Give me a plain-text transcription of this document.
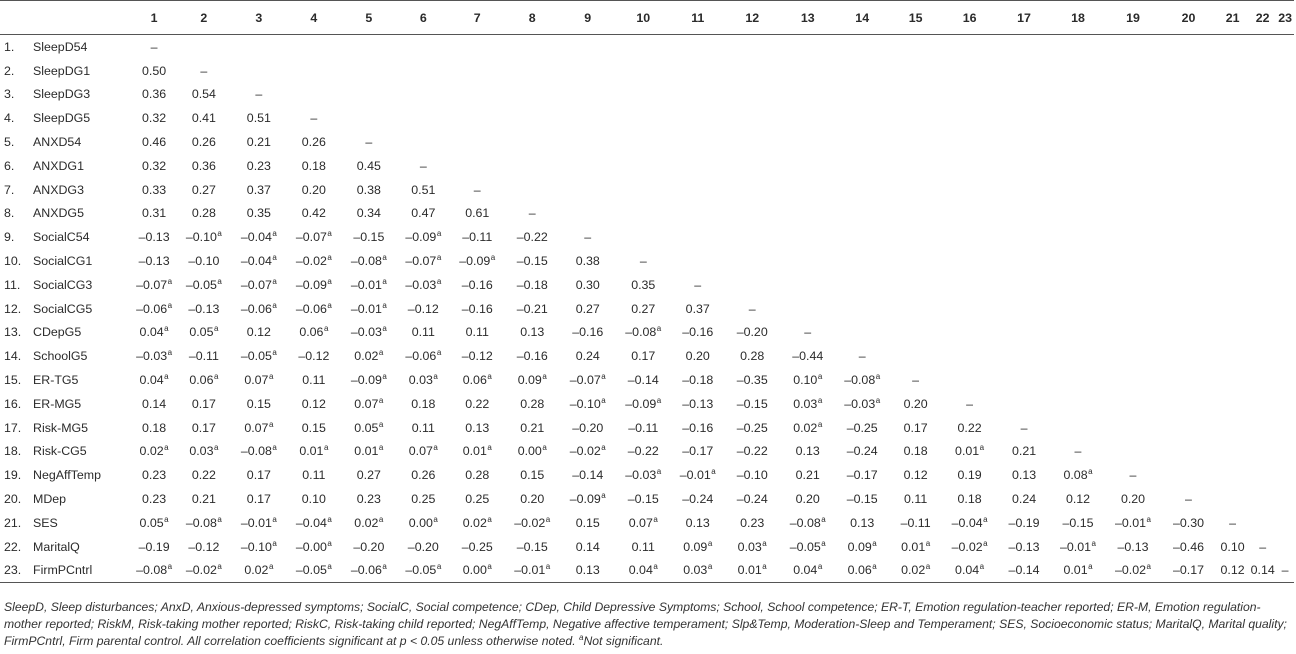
	1	2	3	4	5	6	7	8	9	10	11	12	13	14	15	16	17	18	19	20	21	22	23
1. SleepD54	–																						
2. SleepDG1	0.50	–																					
3. SleepDG3	0.36	0.54	–																				
4. SleepDG5	0.32	0.41	0.51	–																			
5. ANXD54	0.46	0.26	0.21	0.26	–																		
6. ANXDG1	0.32	0.36	0.23	0.18	0.45	–																	
7. ANXDG3	0.33	0.27	0.37	0.20	0.38	0.51	–																
8. ANXDG5	0.31	0.28	0.35	0.42	0.34	0.47	0.61	–															
9. SocialC54	–0.13	–0.10$^a$	–0.04$^a$	–0.07$^a$	–0.15	–0.09$^a$	–0.11	–0.22	–														
10. SocialCG1	–0.13	–0.10	–0.04$^a$	–0.02$^a$	–0.08$^a$	–0.07$^a$	–0.09$^a$	–0.15	0.38	–													
11. SocialCG3	–0.07$^a$	–0.05$^a$	–0.07$^a$	–0.09$^a$	–0.01$^a$	–0.03$^a$	–0.16	–0.18	0.30	0.35	–												
12. SocialCG5	–0.06$^a$	–0.13	–0.06$^a$	–0.06$^a$	–0.01$^a$	–0.12	–0.16	–0.21	0.27	0.27	0.37	–											
13. CDepG5	0.04$^a$	0.05$^a$	0.12	0.06$^a$	–0.03$^a$	0.11	0.11	0.13	–0.16	–0.08$^a$	–0.16	–0.20	–										
14. SchoolG5	–0.03$^a$	–0.11	–0.05$^a$	–0.12	0.02$^a$	–0.06$^a$	–0.12	–0.16	0.24	0.17	0.20	0.28	–0.44	–									
15. ER-TG5	0.04$^a$	0.06$^a$	0.07$^a$	0.11	–0.09$^a$	0.03$^a$	0.06$^a$	0.09$^a$	–0.07$^a$	–0.14	–0.18	–0.35	0.10$^a$	–0.08$^a$	–								
16. ER-MG5	0.14	0.17	0.15	0.12	0.07$^a$	0.18	0.22	0.28	–0.10$^a$	–0.09$^a$	–0.13	–0.15	0.03$^a$	–0.03$^a$	0.20	–							
17. Risk-MG5	0.18	0.17	0.07$^a$	0.15	0.05$^a$	0.11	0.13	0.21	–0.20	–0.11	–0.16	–0.25	0.02$^a$	–0.25	0.17	0.22	–						
18. Risk-CG5	0.02$^a$	0.03$^a$	–0.08$^a$	0.01$^a$	0.01$^a$	0.07$^a$	0.01$^a$	0.00$^a$	–0.02$^a$	–0.22	–0.17	–0.22	0.13	–0.24	0.18	0.01$^a$	0.21	–					
19. NegAffTemp	0.23	0.22	0.17	0.11	0.27	0.26	0.28	0.15	–0.14	–0.03$^a$	–0.01$^a$	–0.10	0.21	–0.17	0.12	0.19	0.13	0.08$^a$	–				
20. MDep	0.23	0.21	0.17	0.10	0.23	0.25	0.25	0.20	–0.09$^a$	–0.15	–0.24	–0.24	0.20	–0.15	0.11	0.18	0.24	0.12	0.20	–			
21. SES	0.05$^a$	–0.08$^a$	–0.01$^a$	–0.04$^a$	0.02$^a$	0.00$^a$	0.02$^a$	–0.02$^a$	0.15	0.07$^a$	0.13	0.23	–0.08$^a$	0.13	–0.11	–0.04$^a$	–0.19	–0.15	–0.01$^a$	–0.30	–		
22. MaritalQ	–0.19	–0.12	–0.10$^a$	–0.00$^a$	–0.20	–0.20	–0.25	–0.15	0.14	0.11	0.09$^a$	0.03$^a$	–0.05$^a$	0.09$^a$	0.01$^a$	–0.02$^a$	–0.13	–0.01$^a$	–0.13	–0.46	0.10	–	
23. FirmPCntrl	–0.08$^a$	–0.02$^a$	0.02$^a$	–0.05$^a$	–0.06$^a$	–0.05$^a$	0.00$^a$	–0.01$^a$	0.13	0.04$^a$	0.03$^a$	0.01$^a$	0.04$^a$	0.06$^a$	0.02$^a$	0.04$^a$	–0.14	0.01$^a$	–0.02$^a$	–0.17	0.12	0.14	–
SleepD, Sleep disturbances; AnxD, Anxious-depressed symptoms; SocialC, Social competence; CDep, Child Depressive Symptoms; School, School competence; ER-T, Emotion regulation-teacher reported; ER-M, Emotion regulation-mother reported; RiskM, Risk-taking mother reported; RiskC, Risk-taking child reported; NegAffTemp, Negative affective temperament; Slp&Temp, Moderation-Sleep and Temperament; SES, Socioeconomic status; MaritalQ, Marital quality; FirmPCntrl, Firm parental control. All correlation coefficients significant at p < 0.05 unless otherwise noted. $^a$Not significant.
